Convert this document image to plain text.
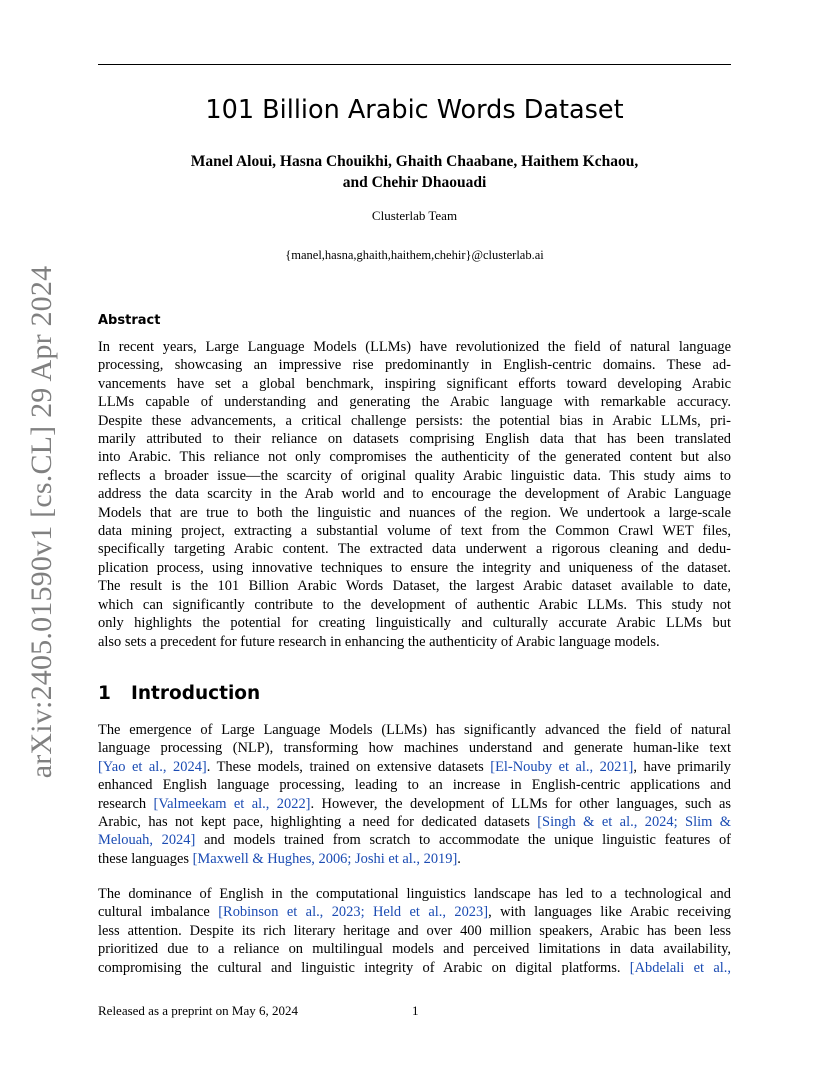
arXiv:2405.01590v1 [cs.CL] 29 Apr 2024
101 Billion Arabic Words Dataset
Manel Aloui, Hasna Chouikhi, Ghaith Chaabane, Haithem Kchaou,
and Chehir Dhaouadi
Clusterlab Team
{manel,hasna,ghaith,haithem,chehir}@clusterlab.ai
Abstract
In recent years, Large Language Models (LLMs) have revolutionized the field of natural language
processing, showcasing an impressive rise predominantly in English-centric domains. These ad-
vancements have set a global benchmark, inspiring significant efforts toward developing Arabic
LLMs capable of understanding and generating the Arabic language with remarkable accuracy.
Despite these advancements, a critical challenge persists: the potential bias in Arabic LLMs, pri-
marily attributed to their reliance on datasets comprising English data that has been translated
into Arabic. This reliance not only compromises the authenticity of the generated content but also
reflects a broader issue—the scarcity of original quality Arabic linguistic data. This study aims to
address the data scarcity in the Arab world and to encourage the development of Arabic Language
Models that are true to both the linguistic and nuances of the region. We undertook a large-scale
data mining project, extracting a substantial volume of text from the Common Crawl WET files,
specifically targeting Arabic content. The extracted data underwent a rigorous cleaning and dedu-
plication process, using innovative techniques to ensure the integrity and uniqueness of the dataset.
The result is the 101 Billion Arabic Words Dataset, the largest Arabic dataset available to date,
which can significantly contribute to the development of authentic Arabic LLMs. This study not
only highlights the potential for creating linguistically and culturally accurate Arabic LLMs but
also sets a precedent for future research in enhancing the authenticity of Arabic language models.
1 Introduction
The emergence of Large Language Models (LLMs) has significantly advanced the field of natural
language processing (NLP), transforming how machines understand and generate human-like text
[Yao et al., 2024]. These models, trained on extensive datasets [El-Nouby et al., 2021], have primarily
enhanced English language processing, leading to an increase in English-centric applications and
research [Valmeekam et al., 2022]. However, the development of LLMs for other languages, such as
Arabic, has not kept pace, highlighting a need for dedicated datasets [Singh & et al., 2024; Slim &
Melouah, 2024] and models trained from scratch to accommodate the unique linguistic features of
these languages [Maxwell & Hughes, 2006; Joshi et al., 2019].
The dominance of English in the computational linguistics landscape has led to a technological and
cultural imbalance [Robinson et al., 2023; Held et al., 2023], with languages like Arabic receiving
less attention. Despite its rich literary heritage and over 400 million speakers, Arabic has been less
prioritized due to a reliance on multilingual models and perceived limitations in data availability,
compromising the cultural and linguistic integrity of Arabic on digital platforms. [Abdelali et al.,
Released as a preprint on May 6, 2024	1
